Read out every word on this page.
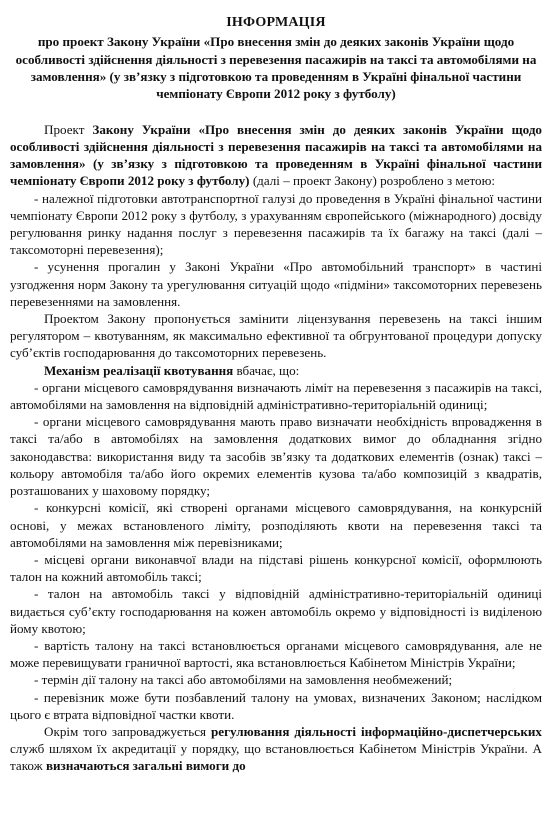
ІНФОРМАЦІЯ
про проект Закону України «Про внесення змін до деяких законів України щодо особливості здійснення діяльності з перевезення пасажирів на таксі та автомобілями на замовлення» (у зв’язку з підготовкою та проведенням в Україні фінальної частини чемпіонату Європи 2012 року з футболу)

Проект Закону України «Про внесення змін до деяких законів України щодо особливості здійснення діяльності з перевезення пасажирів на таксі та автомобілями на замовлення» (у зв’язку з підготовкою та проведенням в Україні фінальної частини чемпіонату Європи 2012 року з футболу) (далі – проект Закону) розроблено з метою:

- належної підготовки автотранспортної галузі до проведення в Україні фінальної частини чемпіонату Європи 2012 року з футболу, з урахуванням європейського (міжнародного) досвіду регулювання ринку надання послуг з перевезення пасажирів та їх багажу на таксі (далі – таксомоторні перевезення);

- усунення прогалин у Законі України «Про автомобільний транспорт» в частині узгодження норм Закону та урегулювання ситуацій щодо «підміни» таксомоторних перевезень перевезеннями на замовлення.

Проектом Закону пропонується замінити ліцензування перевезень на таксі іншим регулятором – квотуванням, як максимально ефективної та обгрунтованої процедури допуску суб’єктів господарювання до таксомоторних перевезень.

Механізм реалізації квотування вбачає, що:

- органи місцевого самоврядування визначають ліміт на перевезення з пасажирів на таксі, автомобілями на замовлення на відповідній адміністративно-територіальній одиниці;

- органи місцевого самоврядування мають право визначати необхідність впровадження в таксі та/або в автомобілях на замовлення додаткових вимог до обладнання згідно законодавства: використання виду та засобів зв’язку та додаткових елементів (ознак) таксі – кольору автомобіля та/або його окремих елементів кузова та/або композицій з квадратів, розташованих у шаховому порядку;

- конкурсні комісії, які створені органами місцевого самоврядування, на конкурсній основі, у межах встановленого ліміту, розподіляють квоти на перевезення таксі та автомобілями на замовлення між перевізниками;

- місцеві органи виконавчої влади на підставі рішень конкурсної комісії, оформлюють талон на кожний автомобіль таксі;

- талон на автомобіль таксі у відповідній адміністративно-територіальній одиниці видається суб’єкту господарювання на кожен автомобіль окремо у відповідності із виділеною йому квотою;

- вартість талону на таксі встановлюється органами місцевого самоврядування, але не може перевищувати граничної вартості, яка встановлюється Кабінетом Міністрів України;

- термін дії талону на таксі або автомобілями на замовлення необмежений;

- перевізник може бути позбавлений талону на умовах, визначених Законом; наслідком цього є втрата відповідної частки квоти.

Окрім того запроваджується регулювання діяльності інформаційно-диспетчерських служб шляхом їх акредитації у порядку, що встановлюється Кабінетом Міністрів України. А також визначаються загальні вимоги до
